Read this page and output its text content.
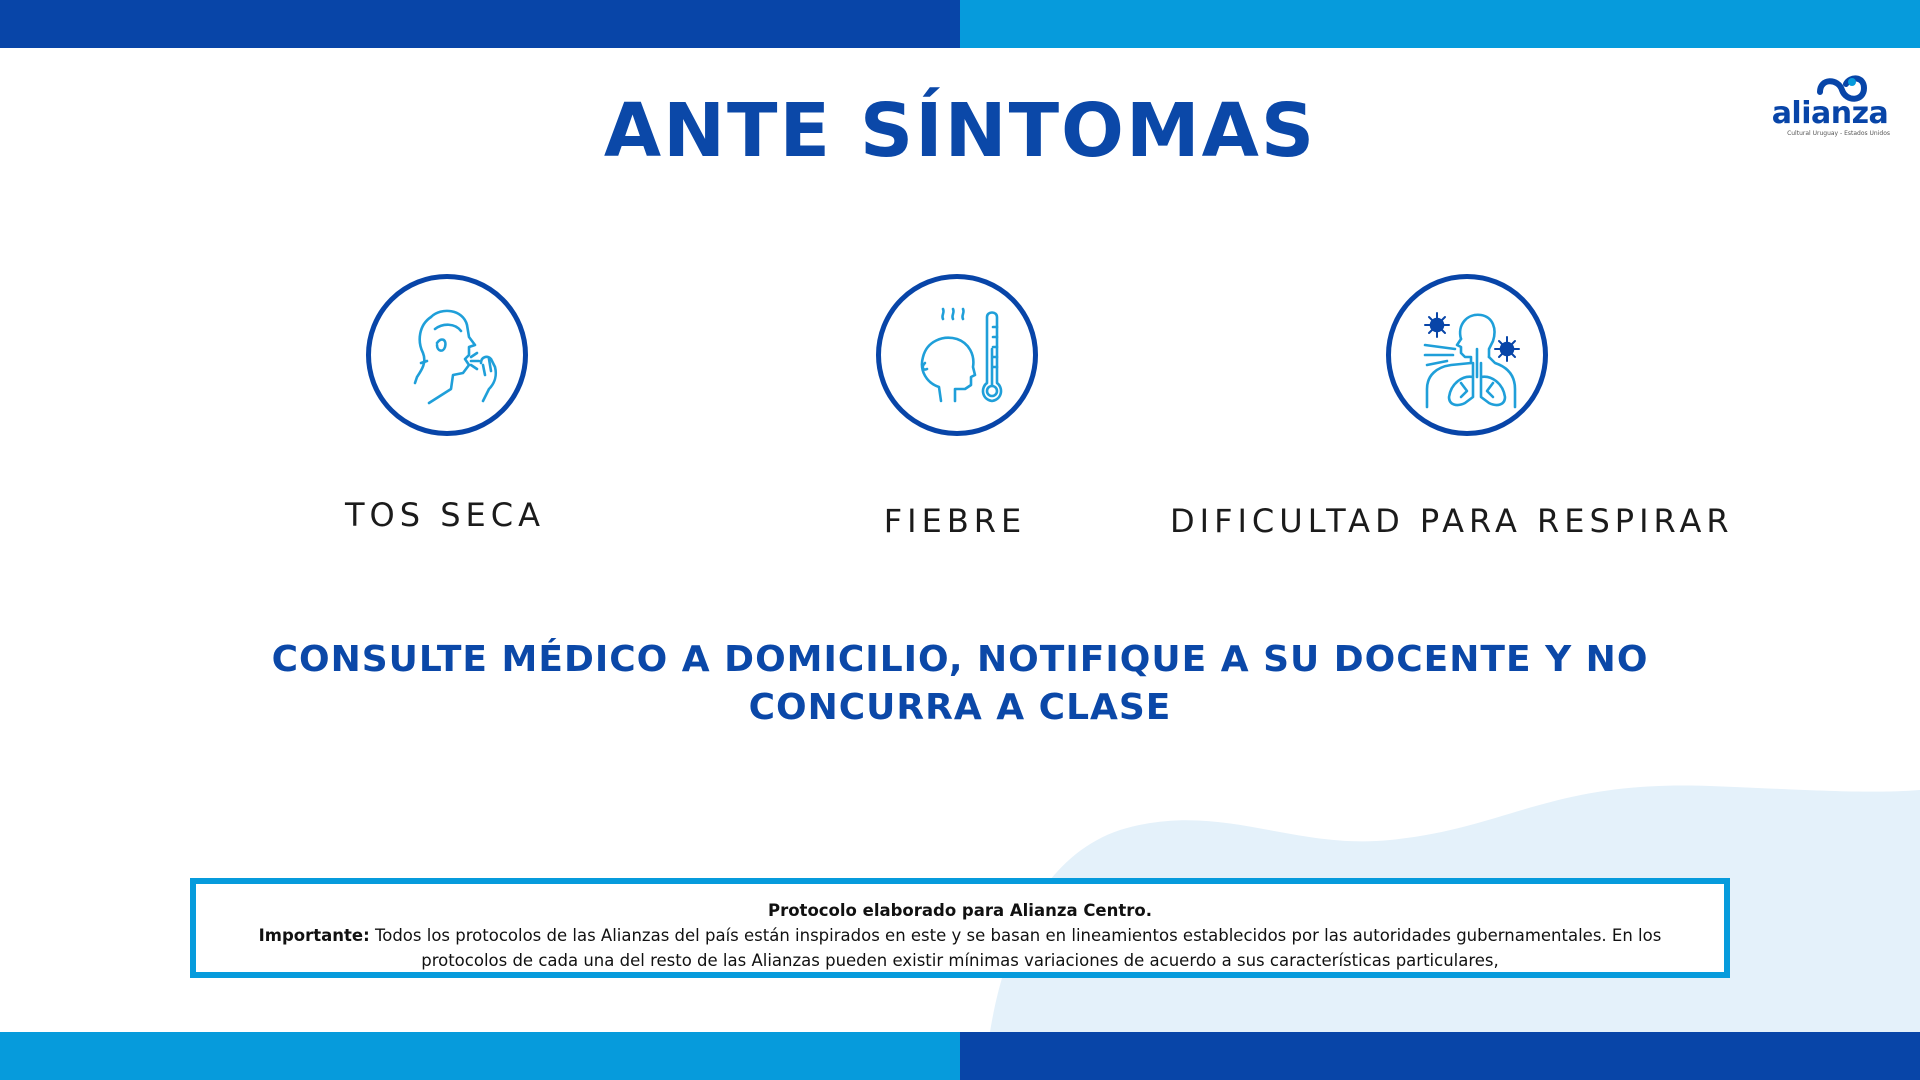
alianza
Cultural Uruguay - Estados Unidos
ANTE SÍNTOMAS
TOS SECA	FIEBRE	DIFICULTAD PARA RESPIRAR
CONSULTE MÉDICO A DOMICILIO, NOTIFIQUE A SU DOCENTE Y NO
CONCURRA A CLASE
Protocolo elaborado para Alianza Centro.
Importante: Todos los protocolos de las Alianzas del país están inspirados en este y se basan en lineamientos establecidos por las autoridades gubernamentales. En los protocolos de cada una del resto de las Alianzas pueden existir mínimas variaciones de acuerdo a sus características particulares,
